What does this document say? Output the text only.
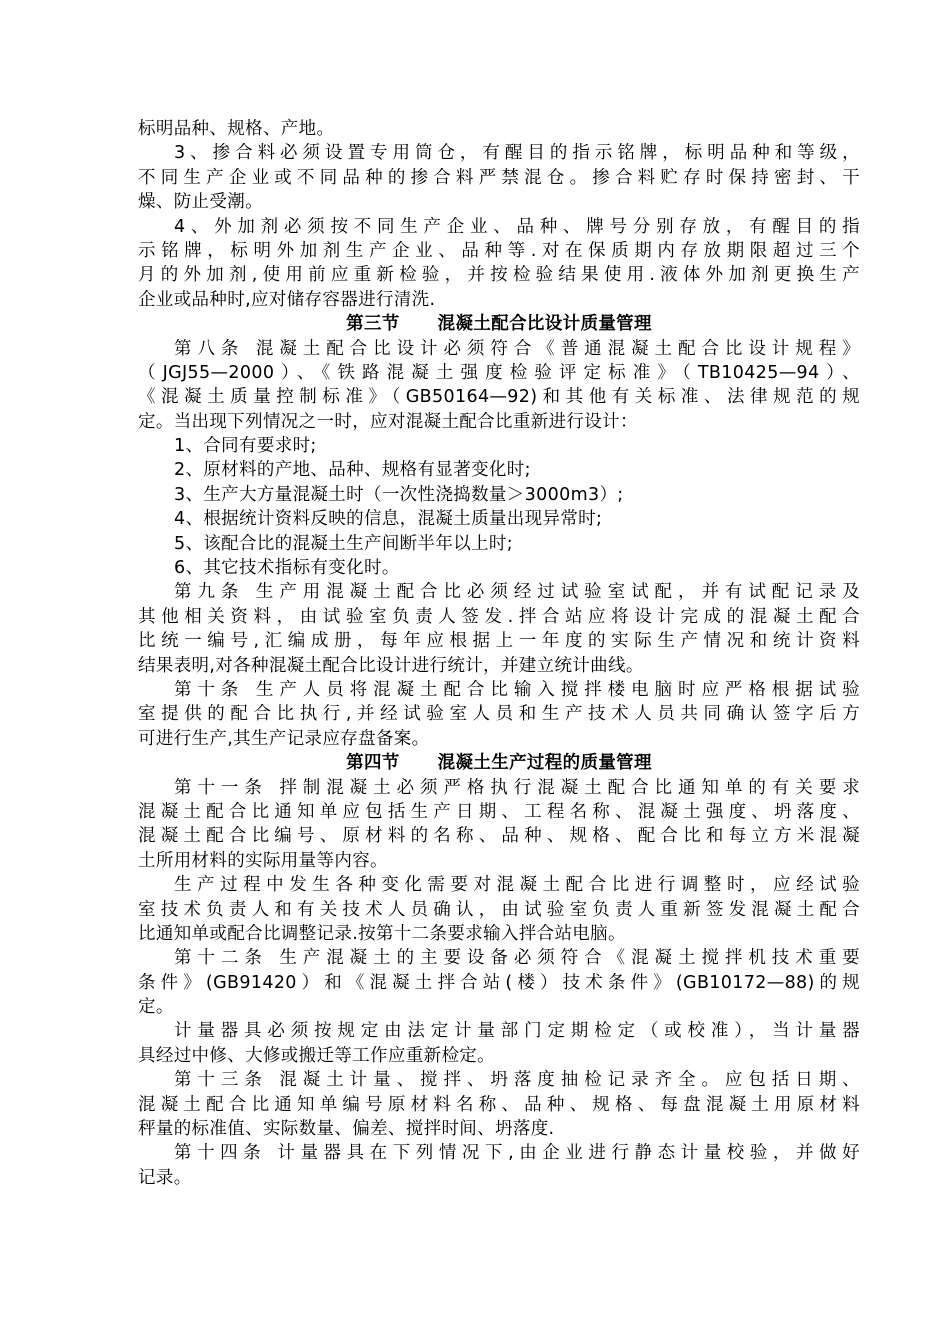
标明品种、规格、产地。
3、掺合料必须设置专用筒仓，有醒目的指示铭牌，标明品种和等级，
不同生产企业或不同品种的掺合料严禁混仓。掺合料贮存时保持密封、干
燥、防止受潮。
4、外加剂必须按不同生产企业、品种、牌号分别存放，有醒目的指
示铭牌，标明外加剂生产企业、品种等.对在保质期内存放期限超过三个
月的外加剂,使用前应重新检验，并按检验结果使用.液体外加剂更换生产
企业或品种时,应对储存容器进行清洗.
第三节 混凝土配合比设计质量管理
第八条 混凝土配合比设计必须符合《普通混凝土配合比设计规程》
（JGJ55—2000）、《铁路混凝土强度检验评定标准》（TB10425—94）、
《混凝土质量控制标准》（GB50164—92)和其他有关标准、法律规范的规
定。当出现下列情况之一时，应对混凝土配合比重新进行设计：
1、合同有要求时;
2、原材料的产地、品种、规格有显著变化时;
3、生产大方量混凝土时（一次性浇捣数量＞3000m3）;
4、根据统计资料反映的信息，混凝土质量出现异常时;
5、该配合比的混凝土生产间断半年以上时;
6、其它技术指标有变化时。
第九条 生产用混凝土配合比必须经过试验室试配，并有试配记录及
其他相关资料，由试验室负责人签发.拌合站应将设计完成的混凝土配合
比统一编号,汇编成册，每年应根据上一年度的实际生产情况和统计资料
结果表明,对各种混凝土配合比设计进行统计，并建立统计曲线。
第十条 生产人员将混凝土配合比输入搅拌楼电脑时应严格根据试验
室提供的配合比执行,并经试验室人员和生产技术人员共同确认签字后方
可进行生产,其生产记录应存盘备案。
第四节 混凝土生产过程的质量管理
第十一条 拌制混凝土必须严格执行混凝土配合比通知单的有关要求
混凝土配合比通知单应包括生产日期、工程名称、混凝土强度、坍落度、
混凝土配合比编号、原材料的名称、品种、规格、配合比和每立方米混凝
土所用材料的实际用量等内容。
生产过程中发生各种变化需要对混凝土配合比进行调整时，应经试验
室技术负责人和有关技术人员确认，由试验室负责人重新签发混凝土配合
比通知单或配合比调整记录.按第十二条要求输入拌合站电脑。
第十二条 生产混凝土的主要设备必须符合《混凝土搅拌机技术重要
条件》(GB91420）和《混凝土拌合站(楼）技术条件》(GB10172—88)的规
定。
计量器具必须按规定由法定计量部门定期检定（或校准），当计量器
具经过中修、大修或搬迁等工作应重新检定。
第十三条 混凝土计量、搅拌、坍落度抽检记录齐全。应包括日期、
混凝土配合比通知单编号原材料名称、品种、规格、每盘混凝土用原材料
秤量的标准值、实际数量、偏差、搅拌时间、坍落度.
第十四条 计量器具在下列情况下,由企业进行静态计量校验，并做好
记录。
